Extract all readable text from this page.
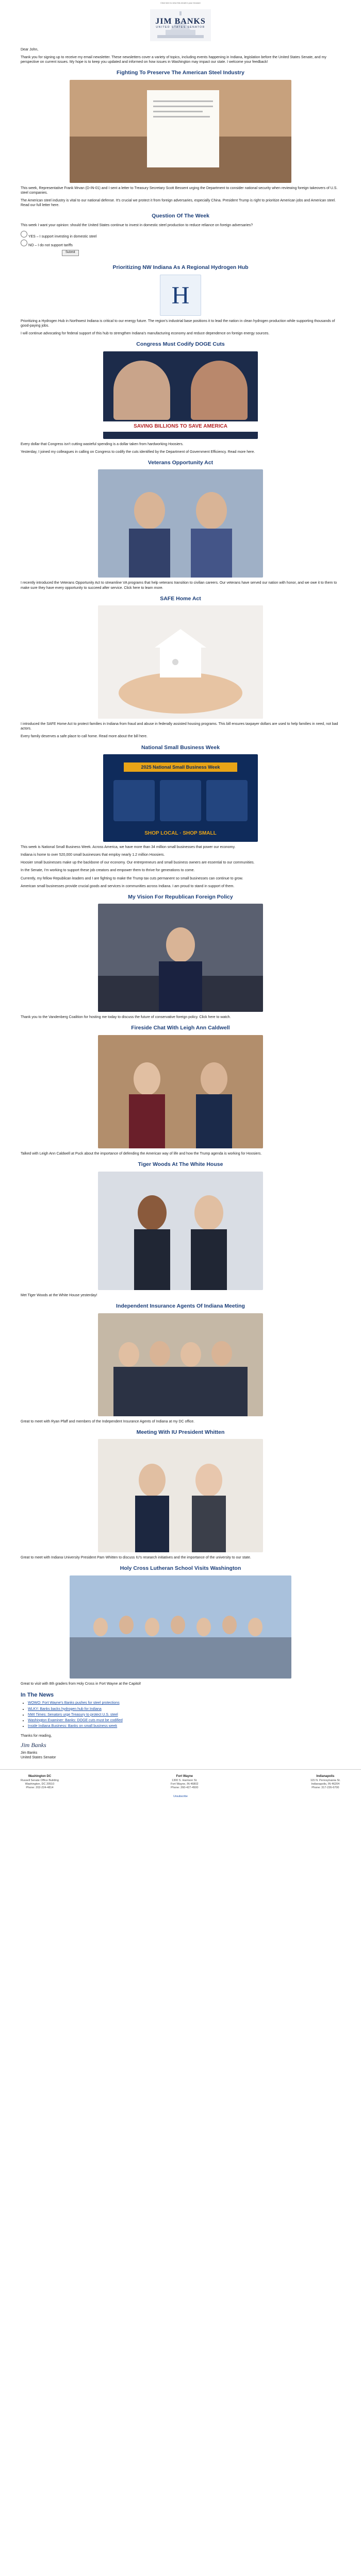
Click here to view this email in your browser
JIM BANKS
UNITED STATES SENATOR

Dear John,

Thank you for signing up to receive my email newsletter. These newsletters cover a variety of topics, including events happening in Indiana, legislation before the United States Senate, and my perspective on current issues. My hope is to keep you updated and informed on how issues in Washington may impact our state. I welcome your feedback!

Fighting To Preserve The American Steel Industry

This week, Representative Frank Mrvan (D-IN-01) and I sent a letter to Treasury Secretary Scott Bessent urging the Department to consider national security when reviewing foreign takeovers of U.S. steel companies.

The American steel industry is vital to our national defense. It's crucial we protect it from foreign adversaries, especially China. President Trump is right to prioritize American jobs and American steel. Read our full letter here.

Question Of The Week

This week I want your opinion: should the United States continue to invest in domestic steel production to reduce reliance on foreign adversaries?

YES – I support investing in domestic steel
NO – I do not support tariffs
Submit
Prioritizing NW Indiana As A Regional Hydrogen Hub
H

Prioritizing a Hydrogen Hub in Northwest Indiana is critical to our energy future. The region's industrial base positions it to lead the nation in clean hydrogen production while supporting thousands of good-paying jobs.

I will continue advocating for federal support of this hub to strengthen Indiana's manufacturing economy and reduce dependence on foreign energy sources.

Congress Must Codify DOGE Cuts
SAVING BILLIONS TO SAVE AMERICA

Every dollar that Congress isn't cutting wasteful spending is a dollar taken from hardworking Hoosiers.

Yesterday, I joined my colleagues in calling on Congress to codify the cuts identified by the Department of Government Efficiency. Read more here.

Veterans Opportunity Act

I recently introduced the Veterans Opportunity Act to streamline VA programs that help veterans transition to civilian careers. Our veterans have served our nation with honor, and we owe it to them to make sure they have every opportunity to succeed after service. Click here to learn more.

SAFE Home Act

I introduced the SAFE Home Act to protect families in Indiana from fraud and abuse in federally assisted housing programs. This bill ensures taxpayer dollars are used to help families in need, not bad actors.

Every family deserves a safe place to call home. Read more about the bill here.

National Small Business Week
2025 National Small Business Week
SHOP LOCAL · SHOP SMALL

This week is National Small Business Week. Across America, we have more than 34 million small businesses that power our economy.

Indiana is home to over 520,000 small businesses that employ nearly 1.2 million Hoosiers.

Hoosier small businesses make up the backbone of our economy. Our entrepreneurs and small business owners are essential to our communities.

In the Senate, I'm working to support these job creators and empower them to thrive for generations to come.

Currently, my fellow Republican leaders and I are fighting to make the Trump tax cuts permanent so small businesses can continue to grow.

American small businesses provide crucial goods and services in communities across Indiana. I am proud to stand in support of them.

My Vision For Republican Foreign Policy

Thank you to the Vandenberg Coalition for hosting me today to discuss the future of conservative foreign policy. Click here to watch.

Fireside Chat With Leigh Ann Caldwell

Talked with Leigh Ann Caldwell at Puck about the importance of defending the American way of life and how the Trump agenda is working for Hoosiers.

Tiger Woods At The White House

Met Tiger Woods at the White House yesterday!

Independent Insurance Agents Of Indiana Meeting

Great to meet with Ryan Pfaff and members of the Independent Insurance Agents of Indiana at my DC office.

Meeting With IU President Whitten

Great to meet with Indiana University President Pam Whitten to discuss IU's research initiatives and the importance of the university to our state.

Holy Cross Lutheran School Visits Washington

Great to visit with 8th graders from Holy Cross in Fort Wayne at the Capitol!

In The News
• WOWO: Fort Wayne's Banks pushes for steel protections
• WLKY: Banks backs hydrogen hub for Indiana
• NWI Times: Senators urge Treasury to protect U.S. steel
• Washington Examiner: Banks: DOGE cuts must be codified
• Inside Indiana Business: Banks on small business week

Thanks for reading,

Jim Banks
Jim Banks
United States Senator
Washington DC
Russell Senate Office Building
Washington, DC 20510
Phone: 202-224-4814
Fort Wayne
1300 S. Harrison St.
Fort Wayne, IN 46802
Phone: 260-427-4500
Indianapolis
115 N. Pennsylvania St.
Indianapolis, IN 46204
Phone: 317-226-6700
Unsubscribe
